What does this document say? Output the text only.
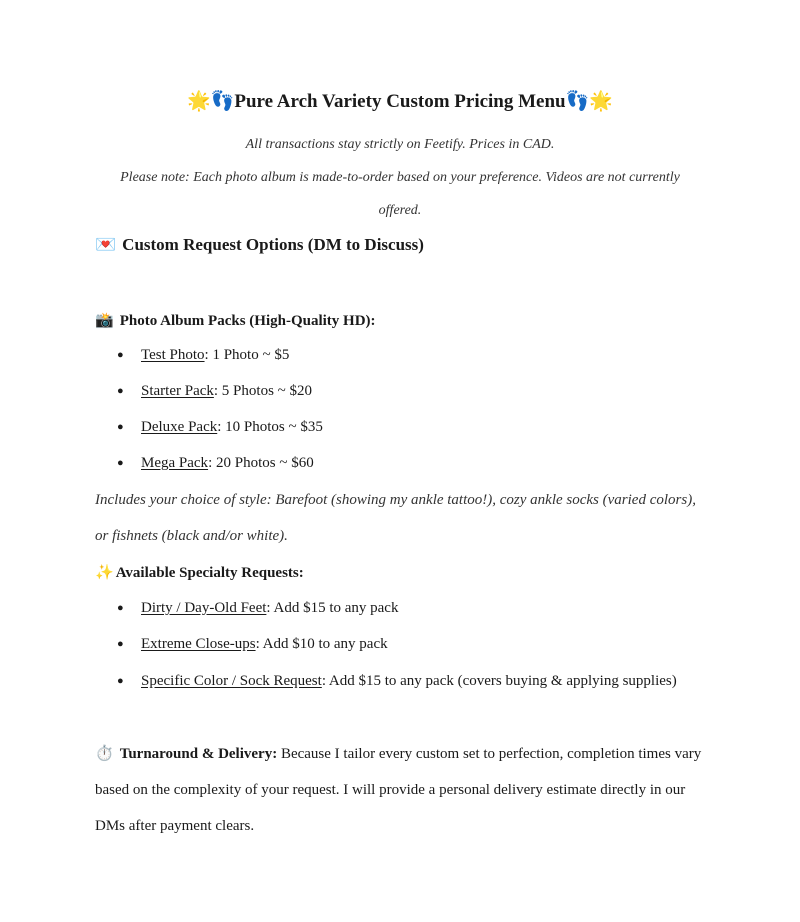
🌟👣Pure Arch Variety Custom Pricing Menu👣🌟
All transactions stay strictly on Feetify. Prices in CAD.
Please note: Each photo album is made-to-order based on your preference. Videos are not currently
offered.
💌 Custom Request Options (DM to Discuss)
📸 Photo Album Packs (High-Quality HD):
● Test Photo: 1 Photo ~ $5
● Starter Pack: 5 Photos ~ $20
● Deluxe Pack: 10 Photos ~ $35
● Mega Pack: 20 Photos ~ $60
Includes your choice of style: Barefoot (showing my ankle tattoo!), cozy ankle socks (varied colors), or fishnets (black and/or white).
✨ Available Specialty Requests:
● Dirty / Day-Old Feet: Add $15 to any pack
● Extreme Close-ups: Add $10 to any pack
● Specific Color / Sock Request: Add $15 to any pack (covers buying & applying supplies)
⏱️ Turnaround & Delivery: Because I tailor every custom set to perfection, completion times vary based on the complexity of your request. I will provide a personal delivery estimate directly in our DMs after payment clears.
